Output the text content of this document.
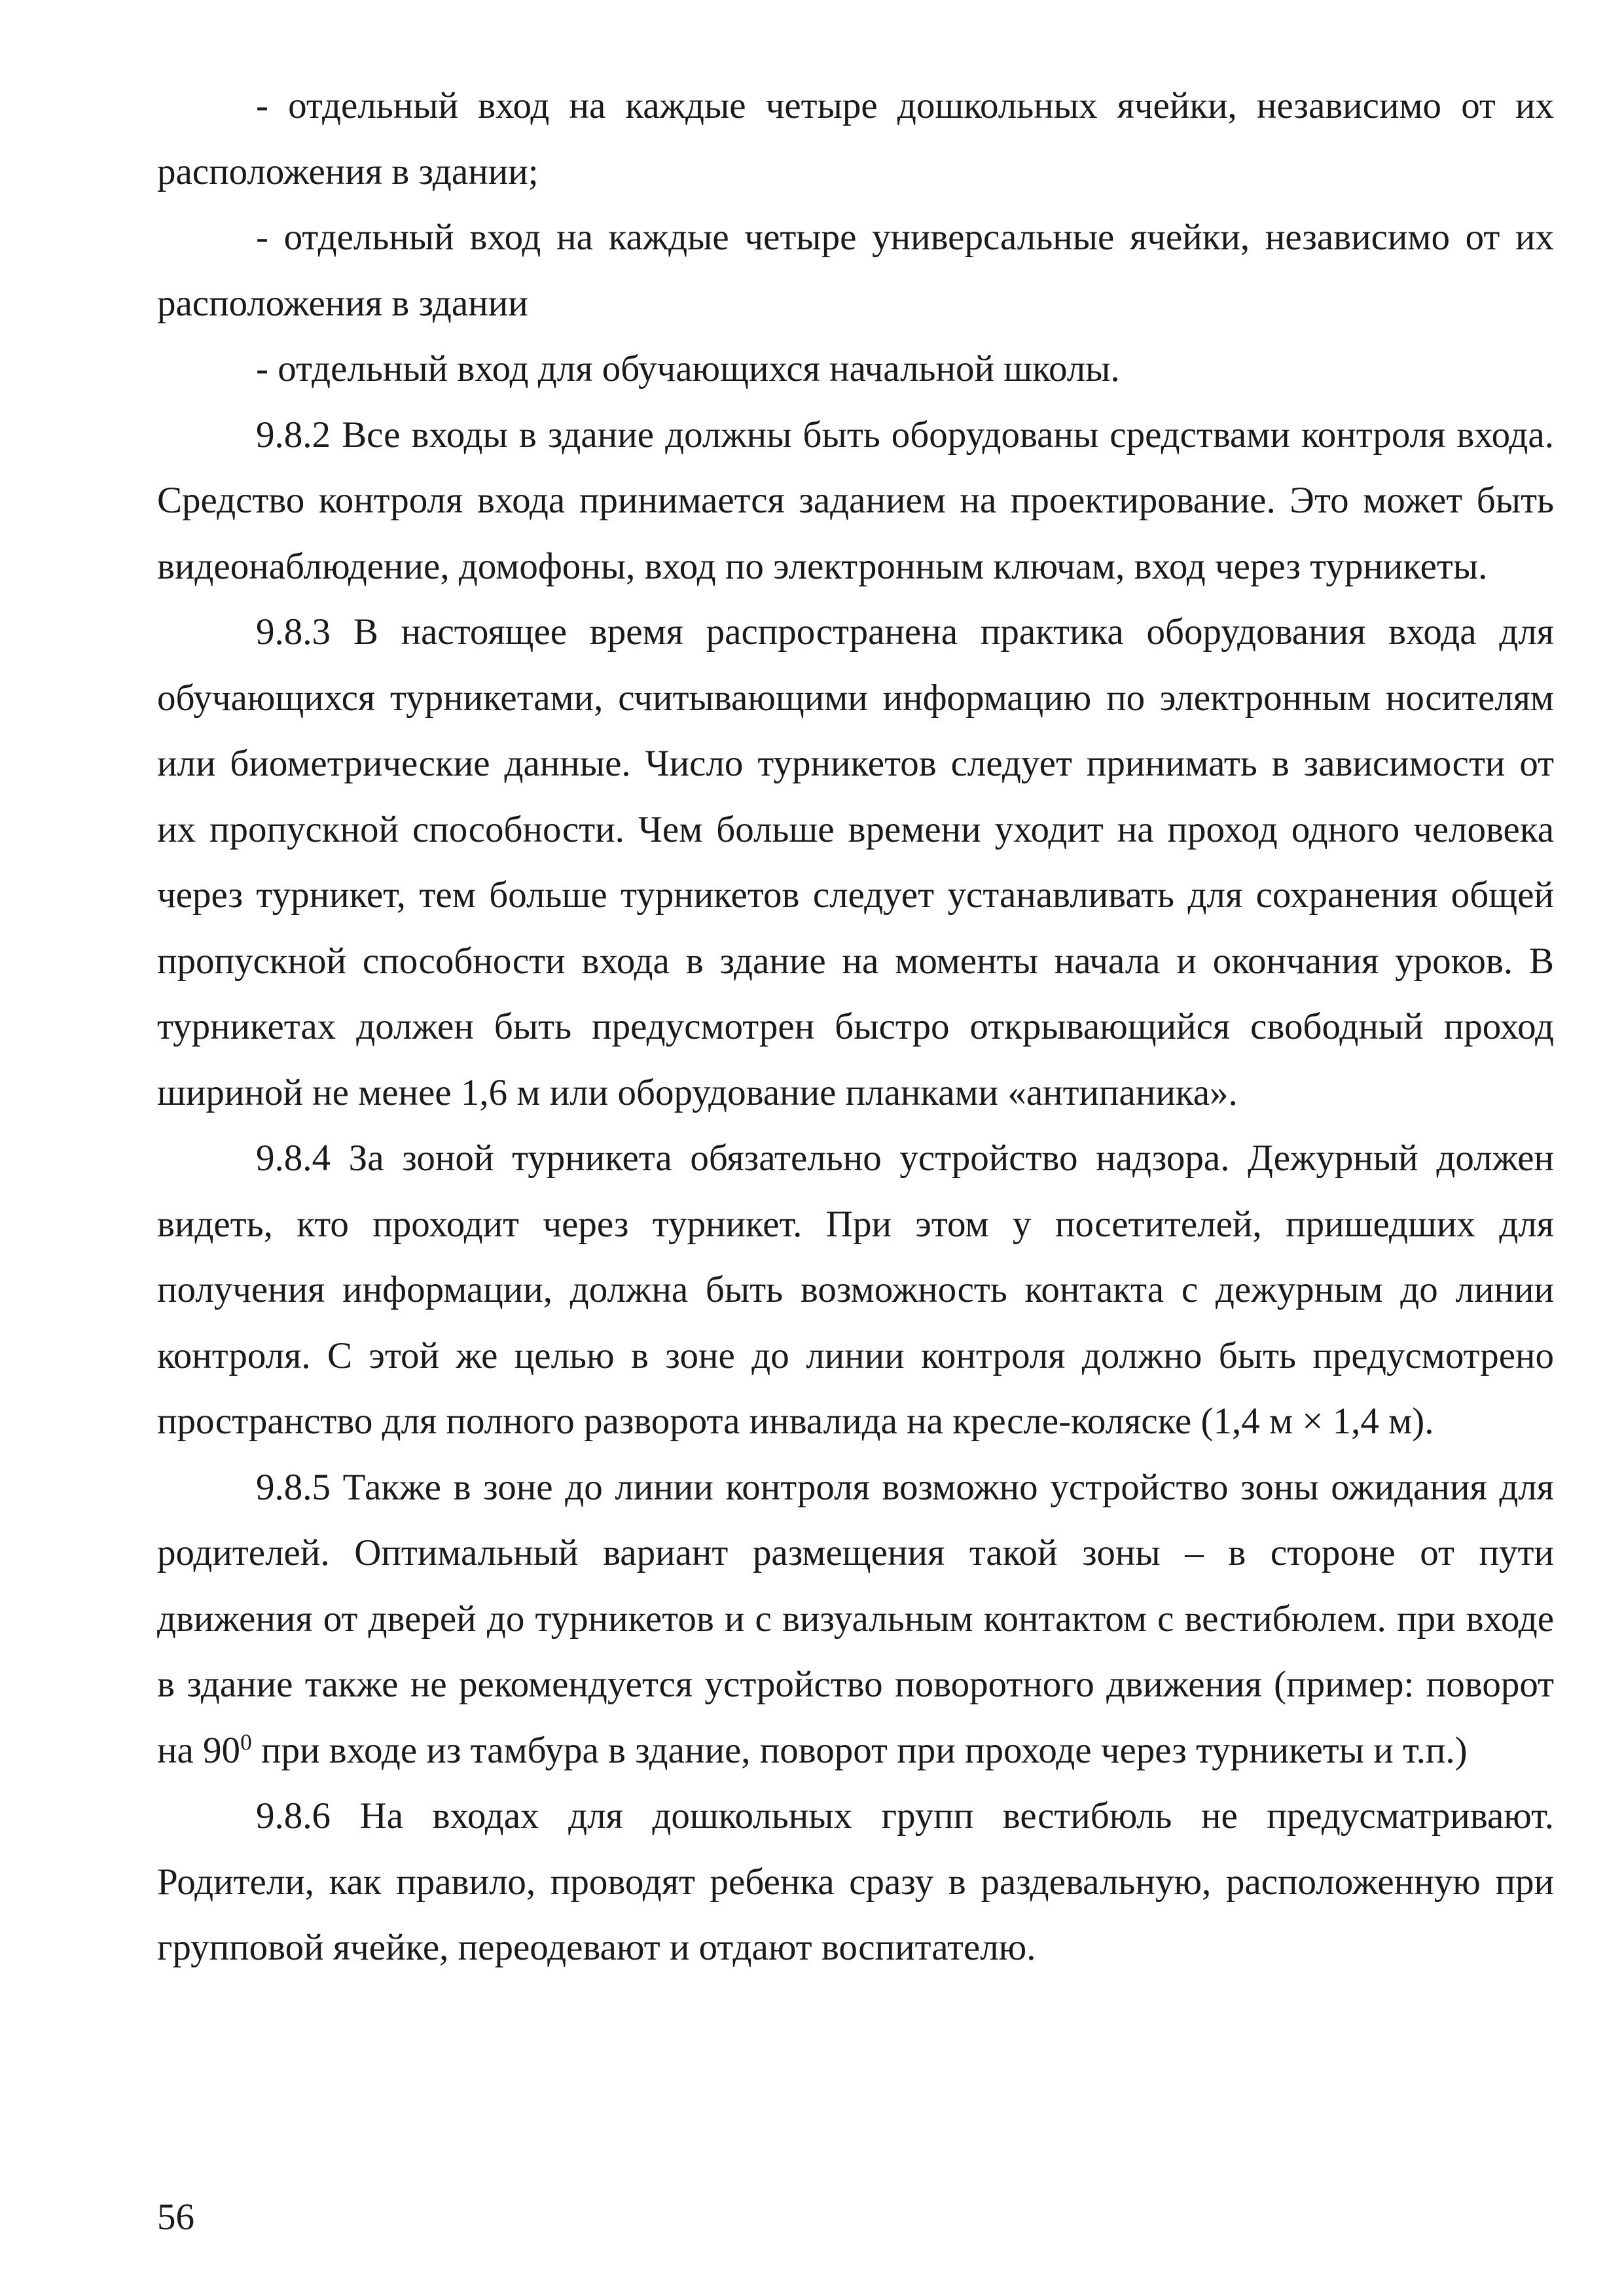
- отдельный вход на каждые четыре дошкольных ячейки, независимо от их расположения в здании;

- отдельный вход на каждые четыре универсальные ячейки, независимо от их расположения в здании

- отдельный вход для обучающихся начальной школы.

9.8.2 Все входы в здание должны быть оборудованы средствами контроля входа. Средство контроля входа принимается заданием на проектирование. Это может быть видеонаблюдение, домофоны, вход по электронным ключам, вход через турникеты.

9.8.3 В настоящее время распространена практика оборудования входа для обучающихся турникетами, считывающими информацию по электронным носителям или биометрические данные. Число турникетов следует принимать в зависимости от их пропускной способности. Чем больше времени уходит на проход одного человека через турникет, тем больше турникетов следует устанавливать для сохранения общей пропускной способности входа в здание на моменты начала и окончания уроков. В турникетах должен быть предусмотрен быстро открывающийся свободный проход шириной не менее 1,6 м или оборудование планками «антипаника».

9.8.4 За зоной турникета обязательно устройство надзора. Дежурный должен видеть, кто проходит через турникет. При этом у посетителей, пришедших для получения информации, должна быть возможность контакта с дежурным до линии контроля. С этой же целью в зоне до линии контроля должно быть предусмотрено пространство для полного разворота инвалида на кресле-коляске (1,4 м × 1,4 м).

9.8.5 Также в зоне до линии контроля возможно устройство зоны ожидания для родителей. Оптимальный вариант размещения такой зоны – в стороне от пути движения от дверей до турникетов и с визуальным контактом с вестибюлем. при входе в здание также не рекомендуется устройство поворотного движения (пример: поворот на $90^0$ при входе из тамбура в здание, поворот при проходе через турникеты и т.п.)

9.8.6 На входах для дошкольных групп вестибюль не предусматривают. Родители, как правило, проводят ребенка сразу в раздевальную, расположенную при групповой ячейке, переодевают и отдают воспитателю.

56
